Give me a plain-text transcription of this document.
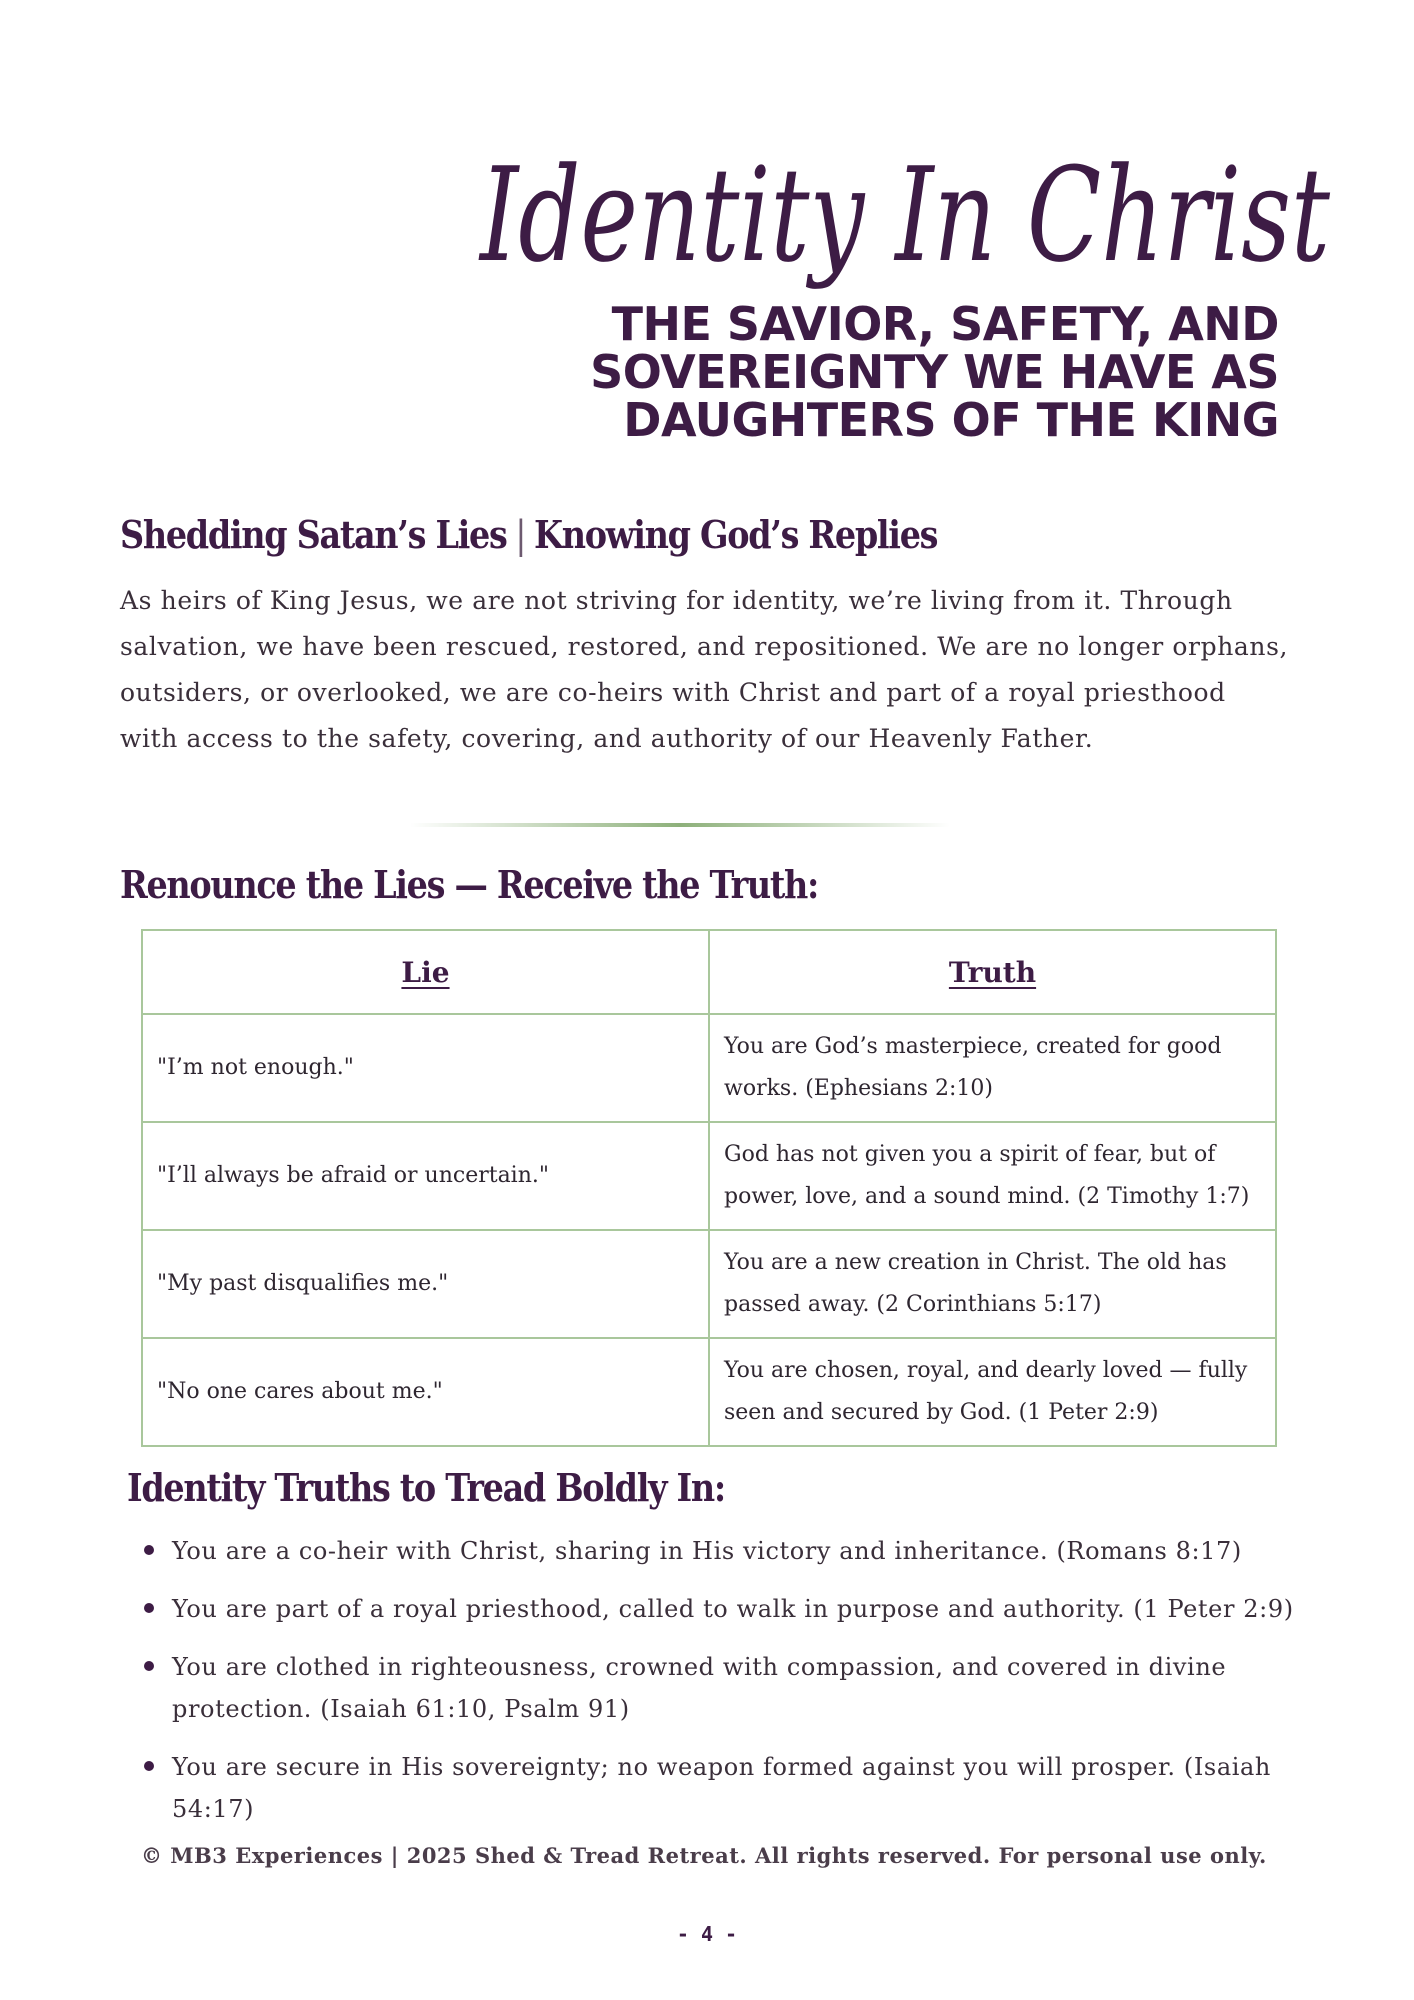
Identity In Christ
THE SAVIOR, SAFETY, AND
SOVEREIGNTY WE HAVE AS
DAUGHTERS OF THE KING
Shedding Satan’s Lies | Knowing God’s Replies
As heirs of King Jesus, we are not striving for identity, we’re living from it. Through
salvation, we have been rescued, restored, and repositioned. We are no longer orphans,
outsiders, or overlooked, we are co-heirs with Christ and part of a royal priesthood
with access to the safety, covering, and authority of our Heavenly Father.
Renounce the Lies — Receive the Truth:
Lie	Truth
"I’m not enough."	You are God’s masterpiece, created for good works. (Ephesians 2:10)
"I’ll always be afraid or uncertain."	God has not given you a spirit of fear, but of power, love, and a sound mind. (2 Timothy 1:7)
"My past disqualifies me."	You are a new creation in Christ. The old has passed away. (2 Corinthians 5:17)
"No one cares about me."	You are chosen, royal, and dearly loved — fully seen and secured by God. (1 Peter 2:9)
Identity Truths to Tread Boldly In:
You are a co-heir with Christ, sharing in His victory and inheritance. (Romans 8:17)
You are part of a royal priesthood, called to walk in purpose and authority. (1 Peter 2:9)
You are clothed in righteousness, crowned with compassion, and covered in divine protection. (Isaiah 61:10, Psalm 91)
You are secure in His sovereignty; no weapon formed against you will prosper. (Isaiah 54:17)
© MB3 Experiences | 2025 Shed & Tread Retreat. All rights reserved. For personal use only.
- 4 -
